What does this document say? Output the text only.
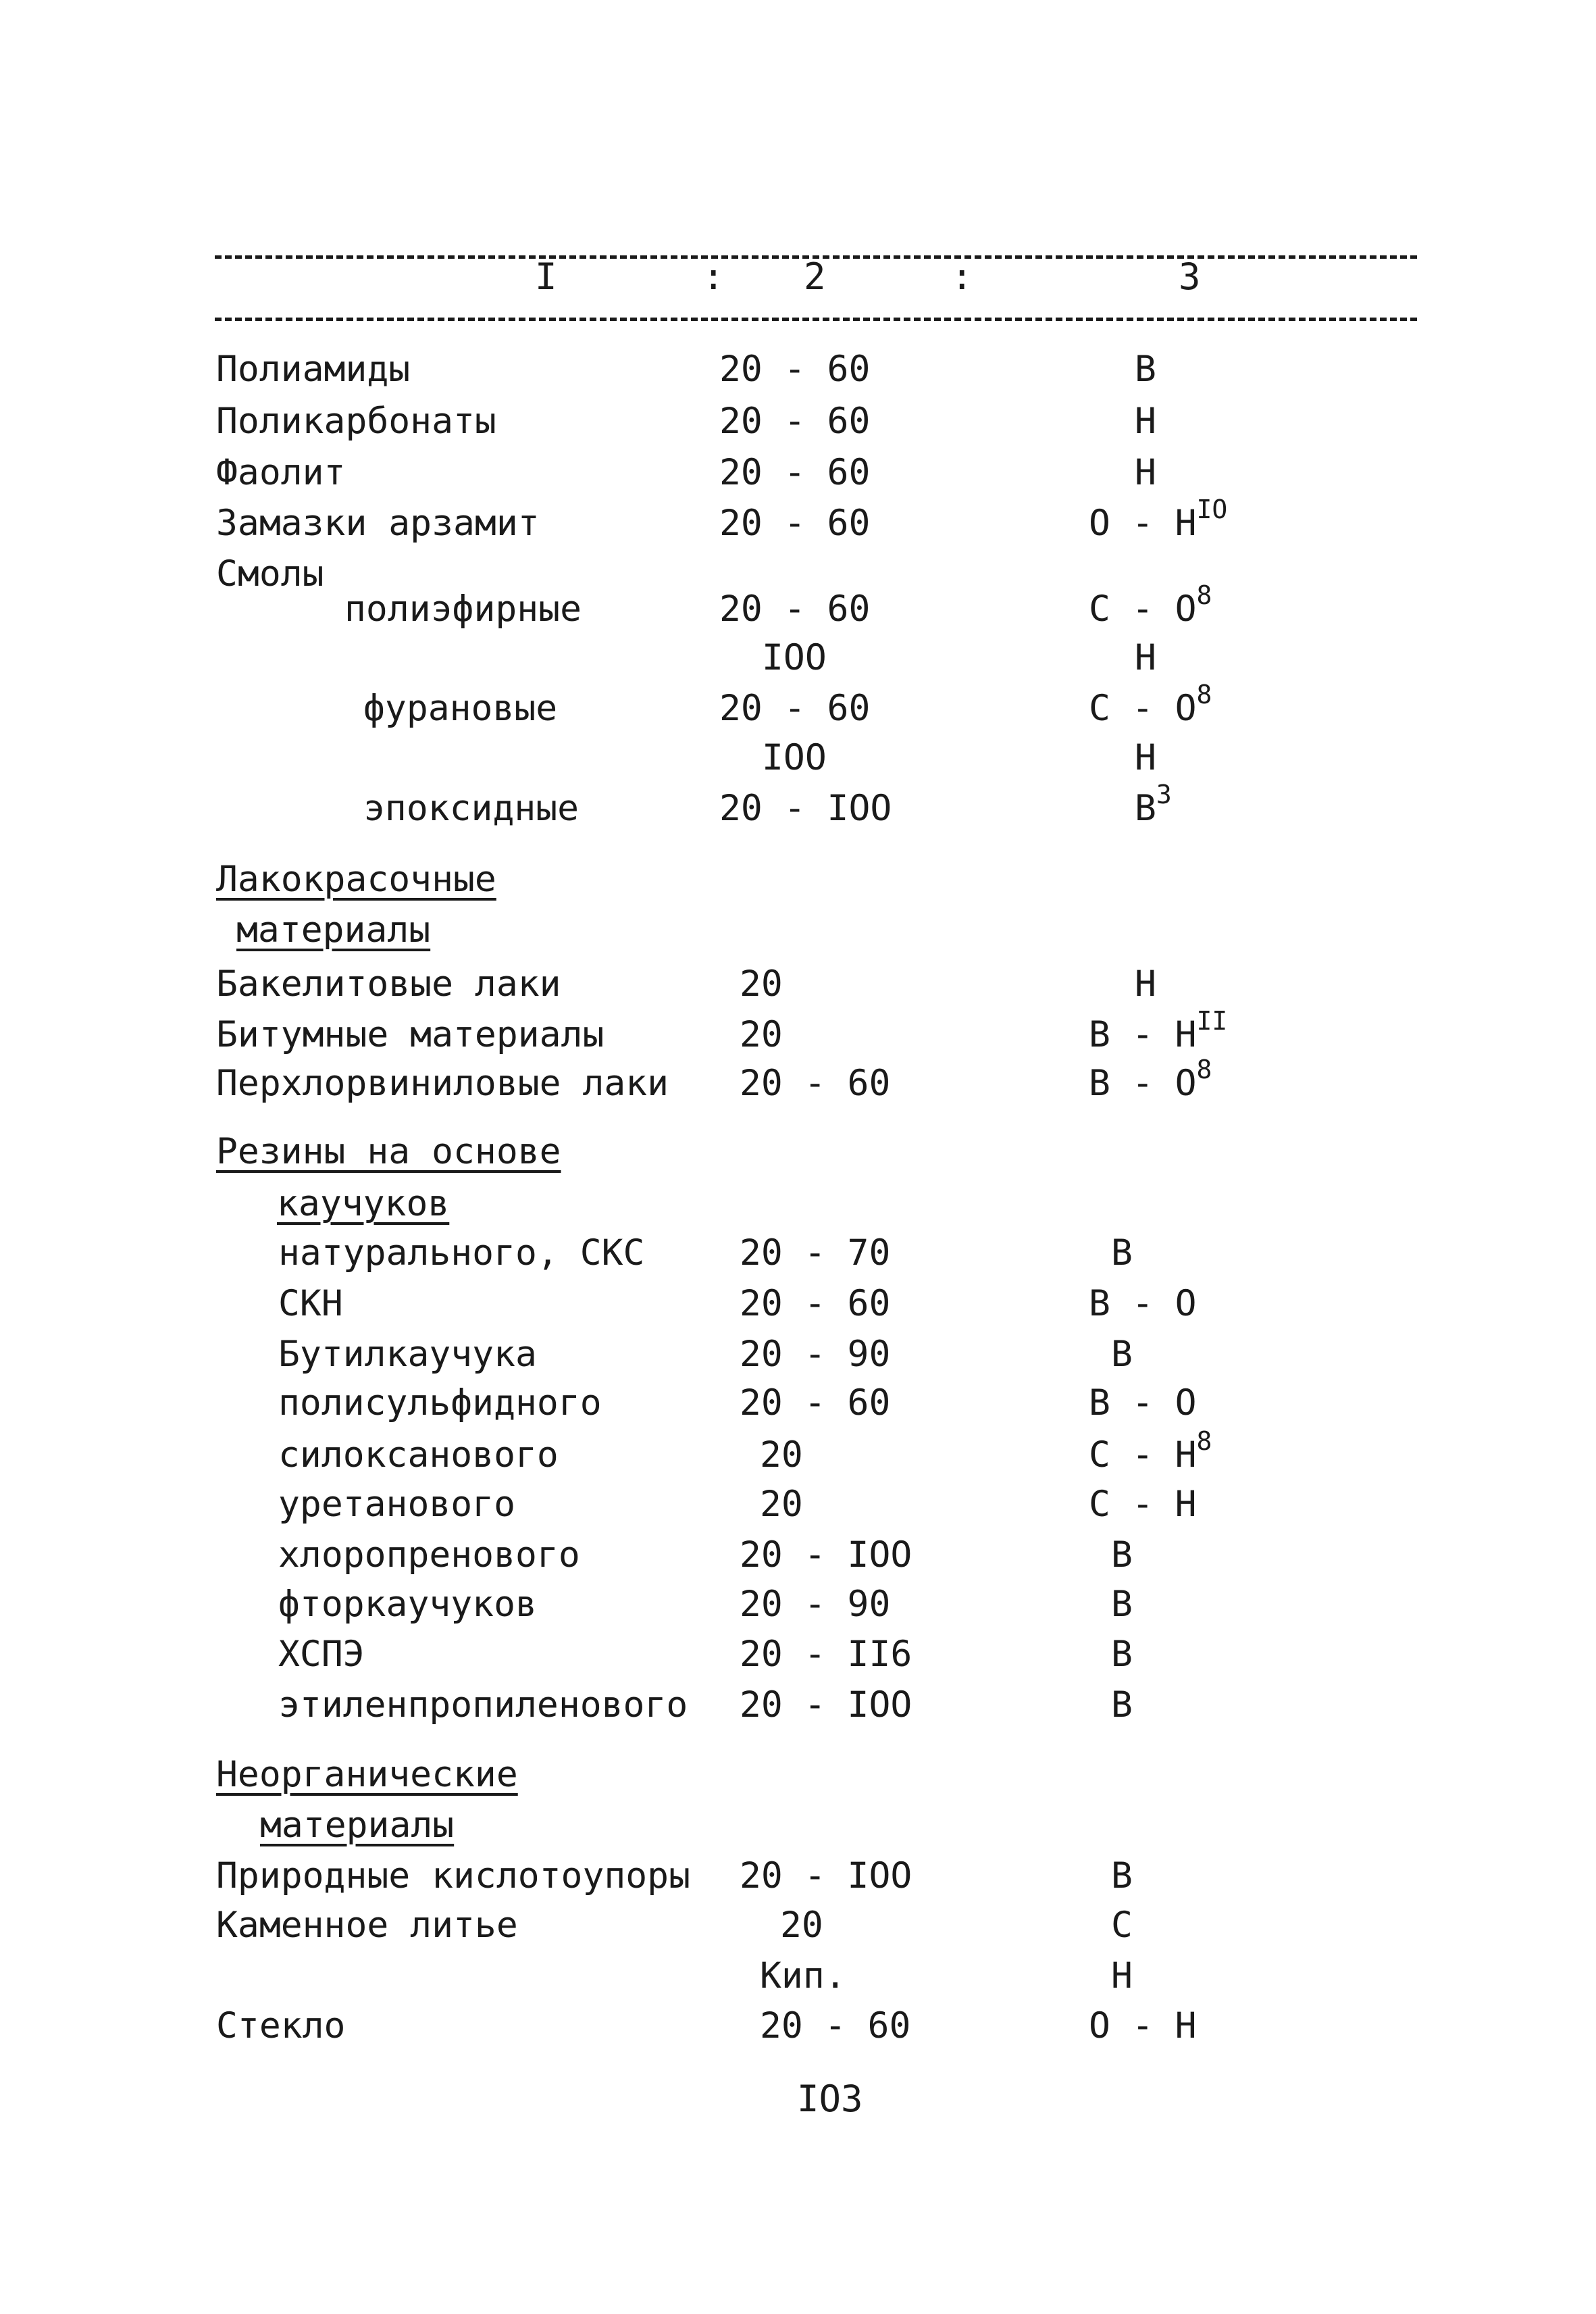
I	: 2	:	3
Полиамиды	20 - 60	В
Поликарбонаты	20 - 60	Н
Фаолит	20 - 60	Н
Замазки арзамит	20 - 60	О - $Н^{IO}$
Смолы
полиэфирные	20 - 60	С - $О^8$
IOO	Н
фурановые	20 - 60	С - $О^8$
IOO	Н
эпоксидные	20 - IOO	$В^3$
Лакокрасочные
материалы
Бакелитовые лаки	20	Н
Битумные материалы	20	В - $Н^{II}$
Перхлорвиниловые лаки 20 - 60	В - $О^8$
Резины на основе
каучуков
натурального, СКС	20 - 70	В
СКН	20 - 60	В - О
Бутилкаучука	20 - 90	В
полисульфидного	20 - 60	В - О
силоксанового	20	С - $Н^8$
уретанового	20	С - Н
хлоропренового	20 - IOO	В
фторкаучуков	20 - 90	В
ХСПЭ	20 - II6	В
этиленпропиленового 20 - IOO	В
Неорганические
материалы
Природные кислотоупоры 20 - IOO	В
Каменное литье	20	С
Кип.	Н
Стекло	20 - 60	О - Н
IO3
